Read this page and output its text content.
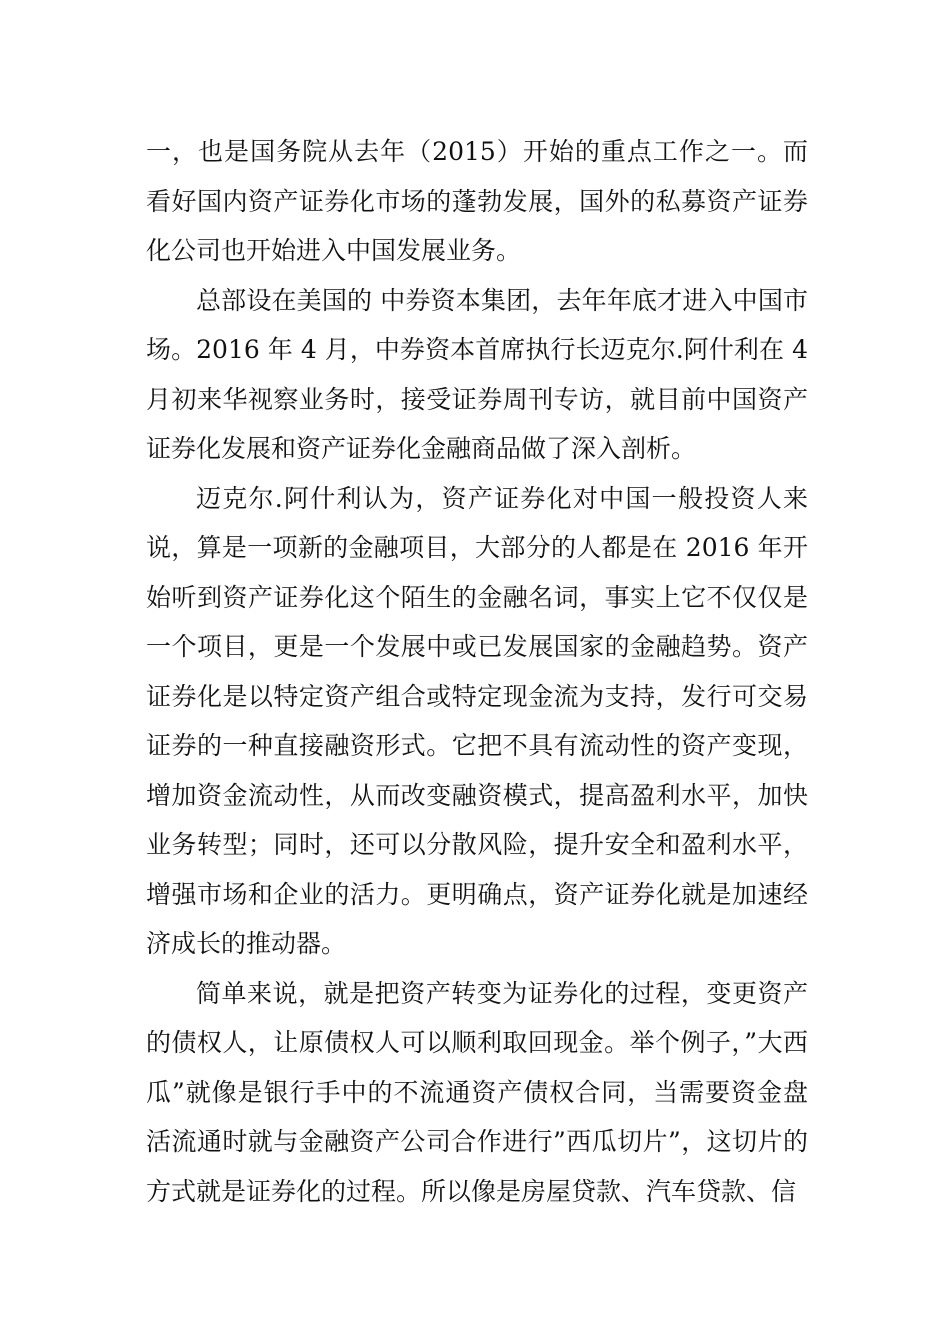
一，也是国务院从去年（2015）开始的重点工作之一。而看好国内资产证券化市场的蓬勃发展，国外的私募资产证券化公司也开始进入中国发展业务。

总部设在美国的 中券资本集团，去年年底才进入中国市场。2016 年 4 月，中券资本首席执行长迈克尔.阿什利在 4 月初来华视察业务时，接受证券周刊专访，就目前中国资产证券化发展和资产证券化金融商品做了深入剖析。

迈克尔.阿什利认为，资产证券化对中国一般投资人来说，算是一项新的金融项目，大部分的人都是在 2016 年开始听到资产证券化这个陌生的金融名词，事实上它不仅仅是一个项目，更是一个发展中或已发展国家的金融趋势。资产证券化是以特定资产组合或特定现金流为支持，发行可交易证券的一种直接融资形式。它把不具有流动性的资产变现，增加资金流动性，从而改变融资模式，提高盈利水平，加快业务转型；同时，还可以分散风险，提升安全和盈利水平，增强市场和企业的活力。更明确点，资产证券化就是加速经济成长的推动器。

简单来说，就是把资产转变为证券化的过程，变更资产的债权人，让原债权人可以顺利取回现金。举个例子，”大西瓜”就像是银行手中的不流通资产债权合同，当需要资金盘活流通时就与金融资产公司合作进行”西瓜切片”，这切片的方式就是证券化的过程。所以像是房屋贷款、汽车贷款、信
